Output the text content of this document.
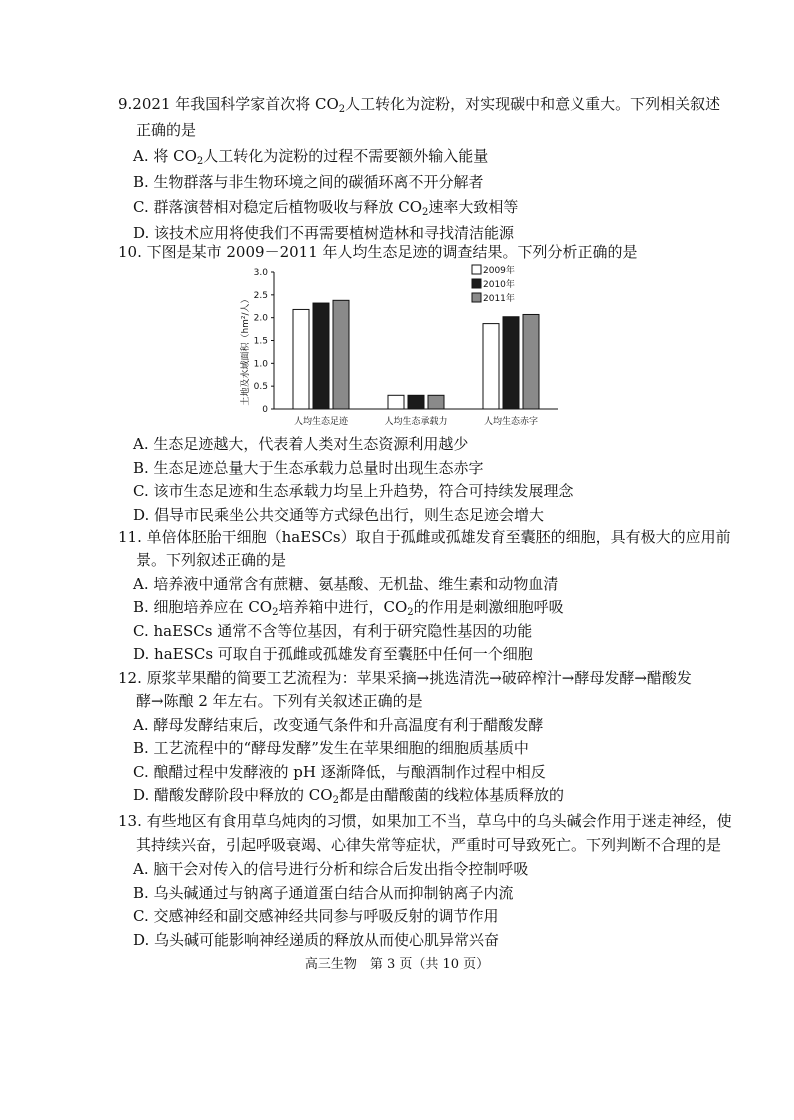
9.2021 年我国科学家首次将 $CO_2$人工转化为淀粉，对实现碳中和意义重大。下列相关叙述
正确的是
A. 将 $CO_2$人工转化为淀粉的过程不需要额外输入能量
B. 生物群落与非生物环境之间的碳循环离不开分解者
C. 群落演替相对稳定后植物吸收与释放 $CO_2$速率大致相等
D. 该技术应用将使我们不再需要植树造林和寻找清洁能源
10. 下图是某市 2009－2011 年人均生态足迹的调查结果。下列分析正确的是
土地及水域面积（hm²/人）
0
0.5
1.0
1.5
2.0
2.5
3.0
人均生态足迹	人均生态承载力	人均生态赤字
2009年
2010年
2011年
A. 生态足迹越大，代表着人类对生态资源利用越少
B. 生态足迹总量大于生态承载力总量时出现生态赤字
C. 该市生态足迹和生态承载力均呈上升趋势，符合可持续发展理念
D. 倡导市民乘坐公共交通等方式绿色出行，则生态足迹会增大
11. 单倍体胚胎干细胞（haESCs）取自于孤雌或孤雄发育至囊胚的细胞，具有极大的应用前
景。下列叙述正确的是
A. 培养液中通常含有蔗糖、氨基酸、无机盐、维生素和动物血清
B. 细胞培养应在 $CO_2$培养箱中进行，$CO_2$的作用是刺激细胞呼吸
C. haESCs 通常不含等位基因，有利于研究隐性基因的功能
D. haESCs 可取自于孤雌或孤雄发育至囊胚中任何一个细胞
12. 原浆苹果醋的简要工艺流程为：苹果采摘→挑选清洗→破碎榨汁→酵母发酵→醋酸发
酵→陈酿 2 年左右。下列有关叙述正确的是
A. 酵母发酵结束后，改变通气条件和升高温度有利于醋酸发酵
B. 工艺流程中的“酵母发酵”发生在苹果细胞的细胞质基质中
C. 酿醋过程中发酵液的 pH 逐渐降低，与酿酒制作过程中相反
D. 醋酸发酵阶段中释放的 $CO_2$都是由醋酸菌的线粒体基质释放的
13. 有些地区有食用草乌炖肉的习惯，如果加工不当，草乌中的乌头碱会作用于迷走神经，使
其持续兴奋，引起呼吸衰竭、心律失常等症状，严重时可导致死亡。下列判断不合理的是
A. 脑干会对传入的信号进行分析和综合后发出指令控制呼吸
B. 乌头碱通过与钠离子通道蛋白结合从而抑制钠离子内流
C. 交感神经和副交感神经共同参与呼吸反射的调节作用
D. 乌头碱可能影响神经递质的释放从而使心肌异常兴奋
高三生物　第 3 页（共 10 页）
